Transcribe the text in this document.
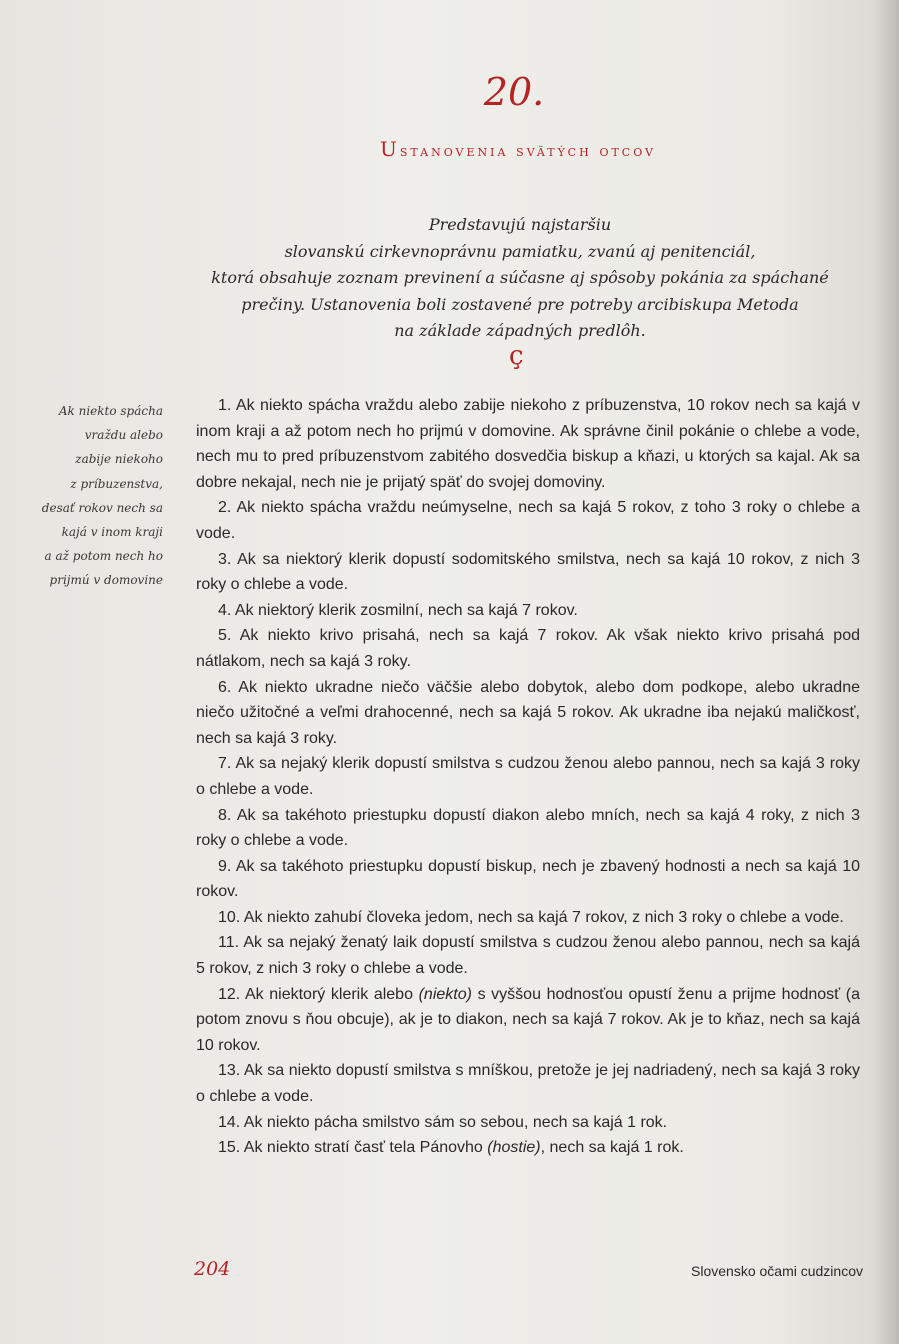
20.
Ustanovenia svätých otcov
Predstavujú najstaršiu
slovanskú cirkevnoprávnu pamiatku, zvanú aj penitenciál,
ktorá obsahuje zoznam previnení a súčasne aj spôsoby pokánia za spáchané
prečiny. Ustanovenia boli zostavené pre potreby arcibiskupa Metoda
na základe západných predlôh.
ç
Ak niekto spácha
vraždu alebo
zabije niekoho
z príbuzenstva,
desať rokov nech sa
kajá v inom kraji
a až potom nech ho
prijmú v domovine

1. Ak niekto spácha vraždu alebo zabije niekoho z príbuzenstva, 10 rokov nech sa kajá v inom kraji a až potom nech ho prijmú v domovine. Ak správne činil pokánie o chlebe a vode, nech mu to pred príbuzenstvom zabitého dosvedčia biskup a kňazi, u ktorých sa kajal. Ak sa dobre nekajal, nech nie je prijatý späť do svojej domoviny.

2. Ak niekto spácha vraždu neúmyselne, nech sa kajá 5 rokov, z toho 3 roky o chlebe a vode.

3. Ak sa niektorý klerik dopustí sodomitského smilstva, nech sa kajá 10 rokov, z nich 3 roky o chlebe a vode.

4. Ak niektorý klerik zosmilní, nech sa kajá 7 rokov.

5. Ak niekto krivo prisahá, nech sa kajá 7 rokov. Ak však niekto krivo prisahá pod nátlakom, nech sa kajá 3 roky.

6. Ak niekto ukradne niečo väčšie alebo dobytok, alebo dom podkope, alebo ukradne niečo užitočné a veľmi drahocenné, nech sa kajá 5 rokov. Ak ukradne iba nejakú maličkosť, nech sa kajá 3 roky.

7. Ak sa nejaký klerik dopustí smilstva s cudzou ženou alebo pannou, nech sa kajá 3 roky o chlebe a vode.

8. Ak sa takéhoto priestupku dopustí diakon alebo mních, nech sa kajá 4 roky, z nich 3 roky o chlebe a vode.

9. Ak sa takéhoto priestupku dopustí biskup, nech je zbavený hodnosti a nech sa kajá 10 rokov.

10. Ak niekto zahubí človeka jedom, nech sa kajá 7 rokov, z nich 3 roky o chlebe a vode.

11. Ak sa nejaký ženatý laik dopustí smilstva s cudzou ženou alebo pannou, nech sa kajá 5 rokov, z nich 3 roky o chlebe a vode.

12. Ak niektorý klerik alebo (niekto) s vyššou hodnosťou opustí ženu a prijme hodnosť (a potom znovu s ňou obcuje), ak je to diakon, nech sa kajá 7 rokov. Ak je to kňaz, nech sa kajá 10 rokov.

13. Ak sa niekto dopustí smilstva s mníškou, pretože je jej nadriadený, nech sa kajá 3 roky o chlebe a vode.

14. Ak niekto pácha smilstvo sám so sebou, nech sa kajá 1 rok.

15. Ak niekto stratí časť tela Pánovho (hostie), nech sa kajá 1 rok.

204	Slovensko očami cudzincov
